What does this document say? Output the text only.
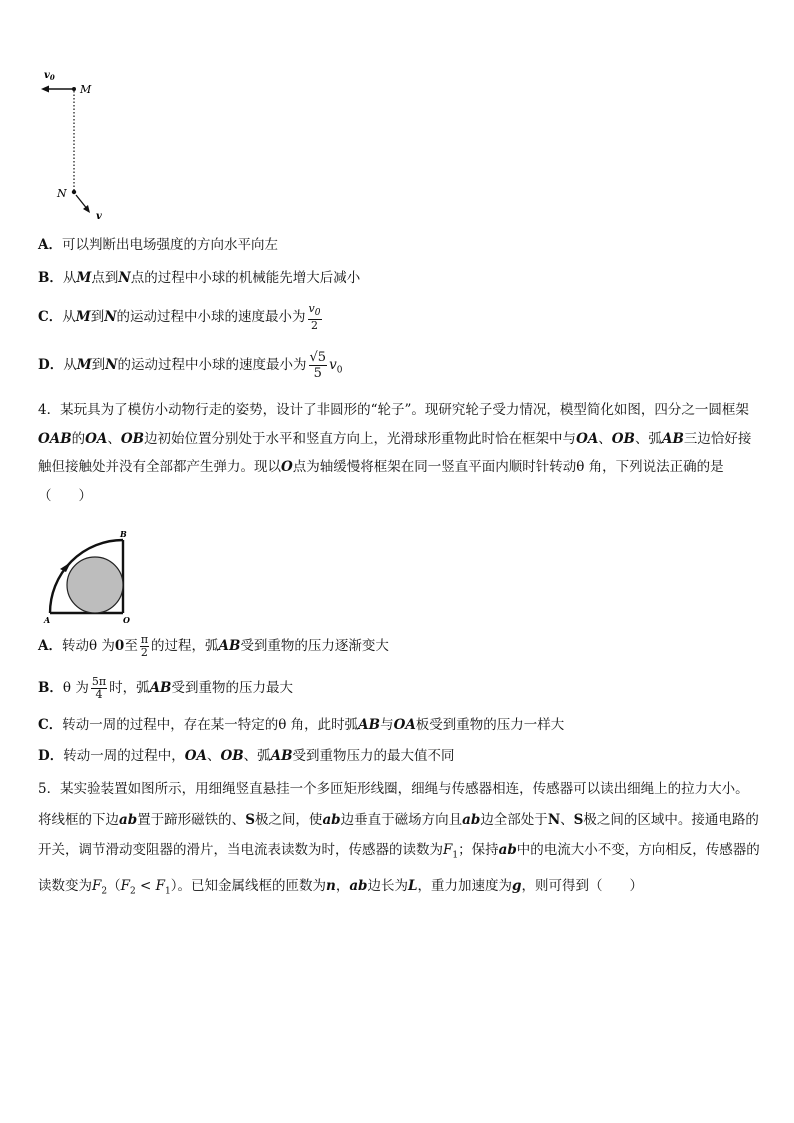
$v_0$
M
N
v
A．可以判断出电场强度的方向水平向左
B．从M点到N点的过程中小球的机械能先增大后减小
C．从M到N的运动过程中小球的速度最小为 $\frac{v_0}{2}$
D．从M到N的运动过程中小球的速度最小为 $\frac{√5}{5} v_0$
4．某玩具为了模仿小动物行走的姿势，设计了非圆形的“轮子”。现研究轮子受力情况，模型简化如图，四分之一圆框架OAB的OA、OB边初始位置分别处于水平和竖直方向上，光滑球形重物此时恰在框架中与OA、OB、弧AB三边恰好接触但接触处并没有全部都产生弹力。现以O点为轴缓慢将框架在同一竖直平面内顺时针转动θ 角，下列说法正确的是（　　）
A
B
O
A．转动θ 为0至 $\frac{\pi}{2}$ 的过程，弧AB受到重物的压力逐渐变大
B．θ 为 $\frac{5\pi}{4}$ 时，弧AB受到重物的压力最大
C．转动一周的过程中，存在某一特定的θ 角，此时弧AB与OA板受到重物的压力一样大
D．转动一周的过程中，OA、OB、弧AB受到重物压力的最大值不同
5．某实验装置如图所示，用细绳竖直悬挂一个多匝矩形线圈，细绳与传感器相连，传感器可以读出细绳上的拉力大小。将线框的下边ab置于蹄形磁铁的、S极之间，使ab边垂直于磁场方向且ab边全部处于N、S极之间的区域中。接通电路的开关，调节滑动变阻器的滑片，当电流表读数为时，传感器的读数为$F_1$；保持ab中的电流大小不变，方向相反，传感器的读数变为$F_2(F_2 < F_1)$。已知金属线框的匝数为n，ab边长为L，重力加速度为g，则可得到（　　）
